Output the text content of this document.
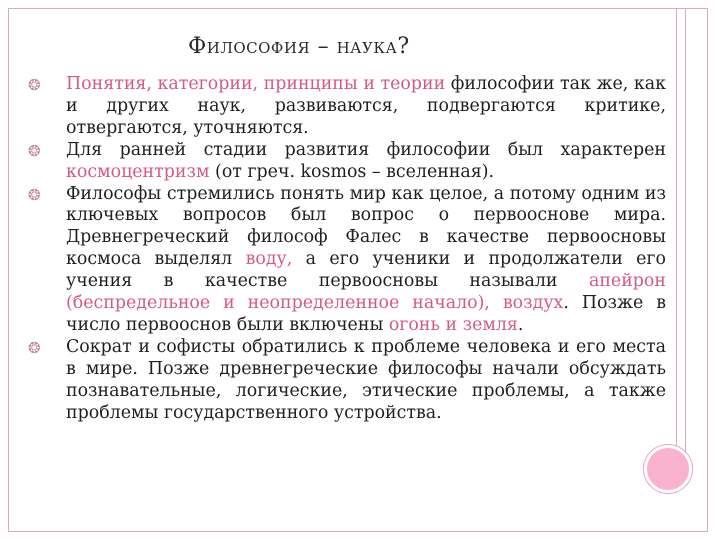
Философия – наука?
❂ Понятия, категории, принципы и теории философии так же, как и других наук, развиваются, подвергаются критике, отвергаются, уточняются.
❂ Для ранней стадии развития философии был характерен космоцентризм (от греч. kosmos – вселенная).
❂ Философы стремились понять мир как целое, а потому одним из ключевых вопросов был вопрос о первооснове мира. Древнегреческий философ Фалес в качестве первоосновы космоса выделял воду, а его ученики и продолжатели его учения в качестве первоосновы называли апейрон (беспредельное и неопределенное начало), воздух. Позже в число первооснов были включены огонь и земля.
❂ Сократ и софисты обратились к проблеме человека и его места в мире. Позже древнегреческие философы начали обсуждать познавательные, логические, этические проблемы, а также проблемы государственного устройства.
